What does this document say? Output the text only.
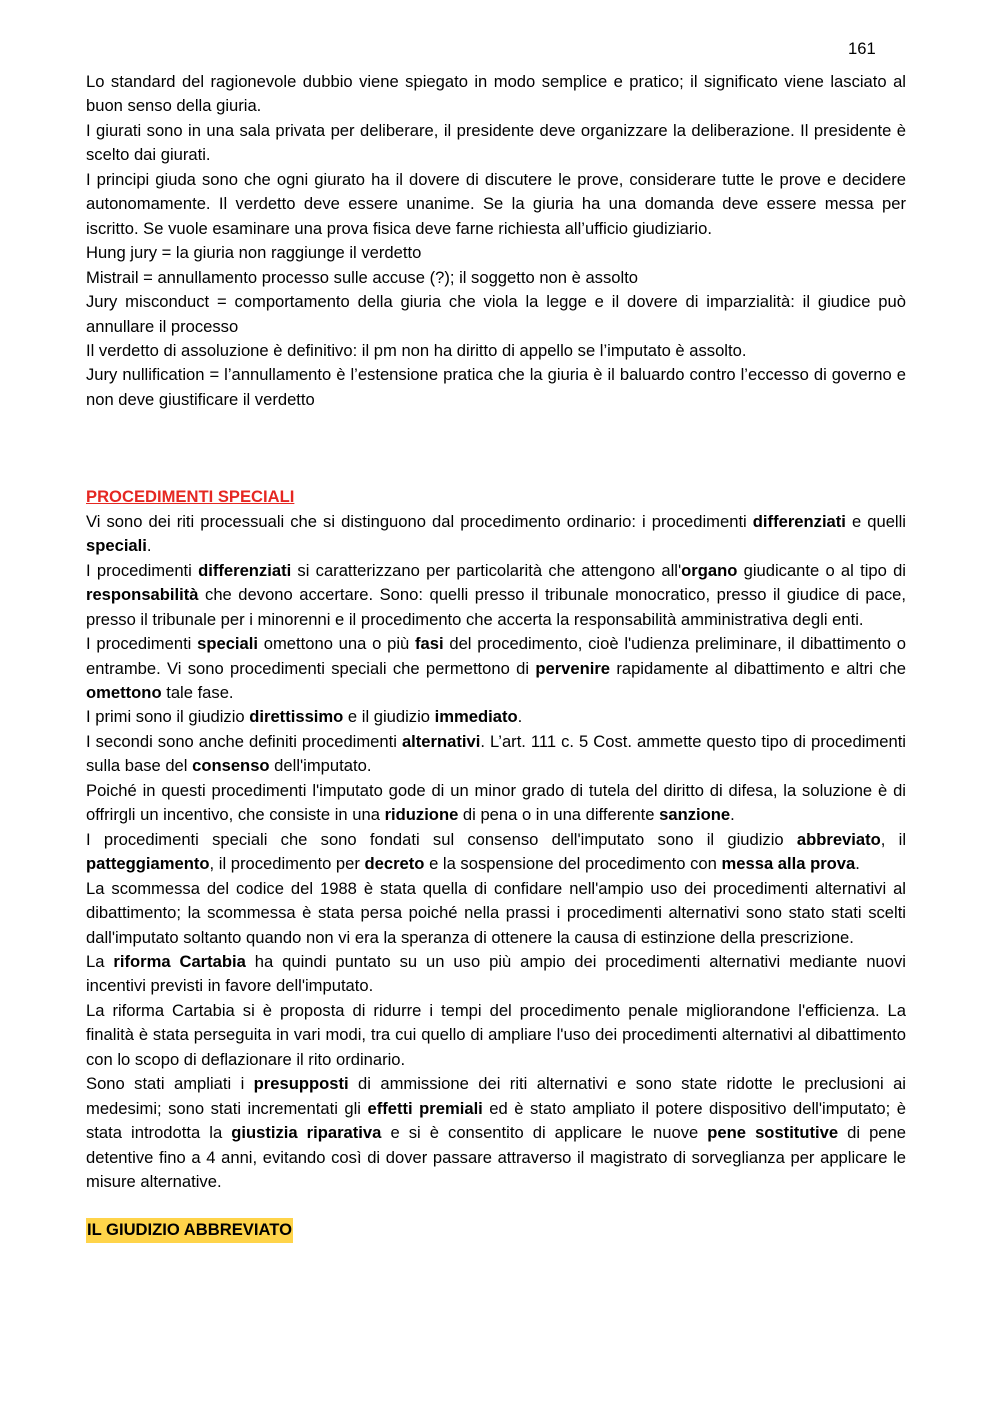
161

Lo standard del ragionevole dubbio viene spiegato in modo semplice e pratico; il significato viene lasciato al buon senso della giuria.

I giurati sono in una sala privata per deliberare, il presidente deve organizzare la deliberazione. Il presidente è scelto dai giurati.

I principi giuda sono che ogni giurato ha il dovere di discutere le prove, considerare tutte le prove e decidere autonomamente. Il verdetto deve essere unanime. Se la giuria ha una domanda deve essere messa per iscritto. Se vuole esaminare una prova fisica deve farne richiesta all’ufficio giudiziario.

Hung jury = la giuria non raggiunge il verdetto

Mistrail = annullamento processo sulle accuse (?); il soggetto non è assolto

Jury misconduct = comportamento della giuria che viola la legge e il dovere di imparzialità: il giudice può annullare il processo

Il verdetto di assoluzione è definitivo: il pm non ha diritto di appello se l’imputato è assolto.

Jury nullification = l’annullamento è l’estensione pratica che la giuria è il baluardo contro l’eccesso di governo e non deve giustificare il verdetto

PROCEDIMENTI SPECIALI

Vi sono dei riti processuali che si distinguono dal procedimento ordinario: i procedimenti differenziati e quelli speciali.

I procedimenti differenziati si caratterizzano per particolarità che attengono all'organo giudicante o al tipo di responsabilità che devono accertare. Sono: quelli presso il tribunale monocratico, presso il giudice di pace, presso il tribunale per i minorenni e il procedimento che accerta la responsabilità amministrativa degli enti.

I procedimenti speciali omettono una o più fasi del procedimento, cioè l'udienza preliminare, il dibattimento o entrambe. Vi sono procedimenti speciali che permettono di pervenire rapidamente al dibattimento e altri che omettono tale fase.

I primi sono il giudizio direttissimo e il giudizio immediato.

I secondi sono anche definiti procedimenti alternativi. L’art. 111 c. 5 Cost. ammette questo tipo di procedimenti sulla base del consenso dell'imputato.

Poiché in questi procedimenti l'imputato gode di un minor grado di tutela del diritto di difesa, la soluzione è di offrirgli un incentivo, che consiste in una riduzione di pena o in una differente sanzione.

I procedimenti speciali che sono fondati sul consenso dell'imputato sono il giudizio abbreviato, il patteggiamento, il procedimento per decreto e la sospensione del procedimento con messa alla prova.

La scommessa del codice del 1988 è stata quella di confidare nell'ampio uso dei procedimenti alternativi al dibattimento; la scommessa è stata persa poiché nella prassi i procedimenti alternativi sono stato stati scelti dall'imputato soltanto quando non vi era la speranza di ottenere la causa di estinzione della prescrizione.

La riforma Cartabia ha quindi puntato su un uso più ampio dei procedimenti alternativi mediante nuovi incentivi previsti in favore dell'imputato.

La riforma Cartabia si è proposta di ridurre i tempi del procedimento penale migliorandone l'efficienza. La finalità è stata perseguita in vari modi, tra cui quello di ampliare l'uso dei procedimenti alternativi al dibattimento con lo scopo di deflazionare il rito ordinario.

Sono stati ampliati i presupposti di ammissione dei riti alternativi e sono state ridotte le preclusioni ai medesimi; sono stati incrementati gli effetti premiali ed è stato ampliato il potere dispositivo dell'imputato; è stata introdotta la giustizia riparativa e si è consentito di applicare le nuove pene sostitutive di pene detentive fino a 4 anni, evitando così di dover passare attraverso il magistrato di sorveglianza per applicare le misure alternative.

IL GIUDIZIO ABBREVIATO
